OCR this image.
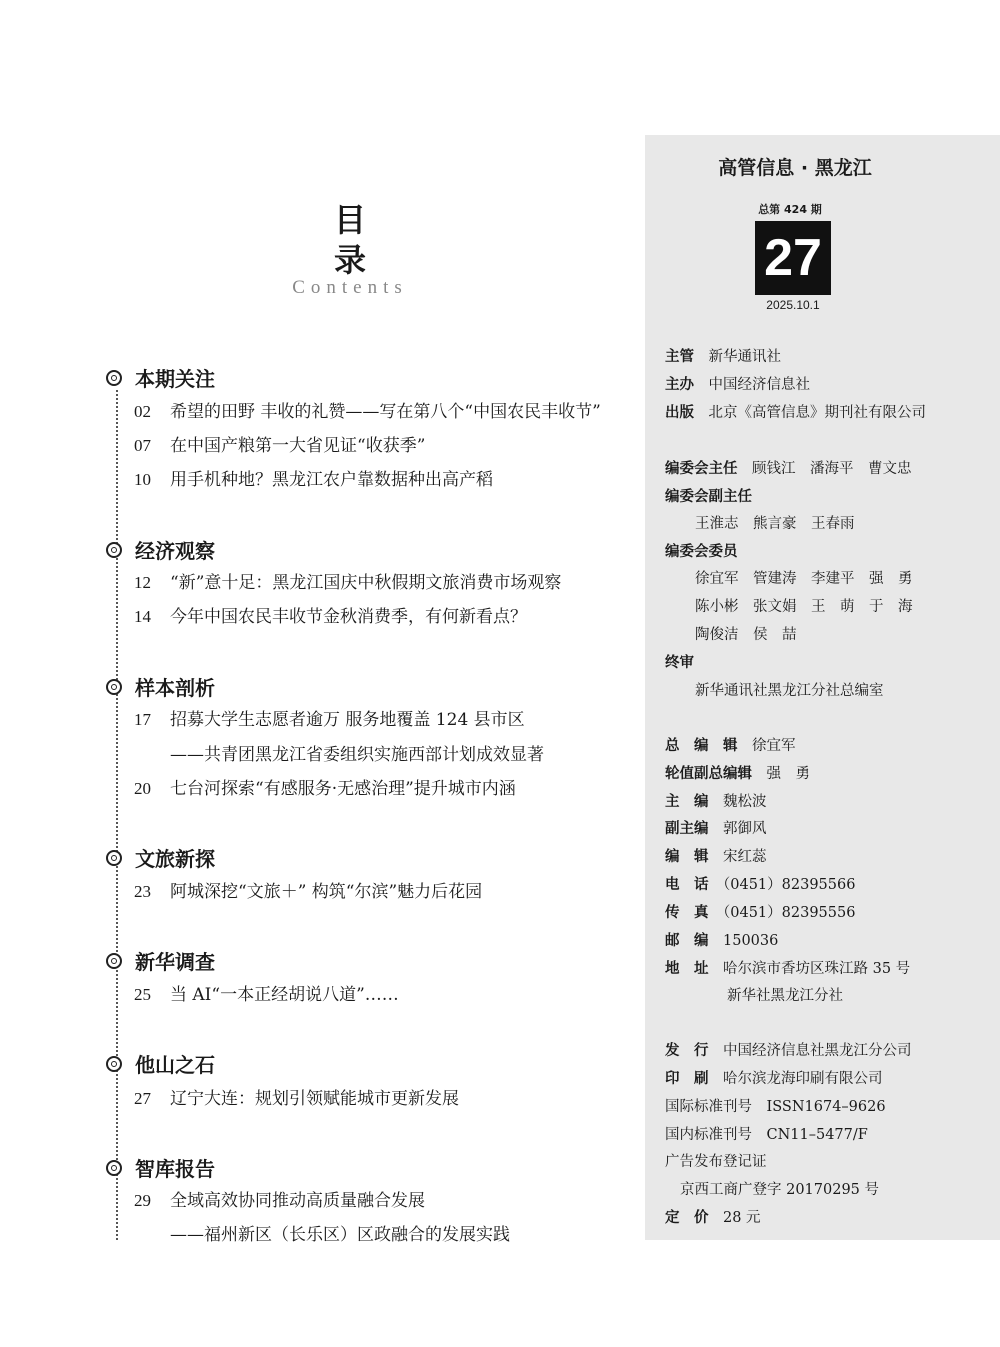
目 录
Contents
本期关注
02 希望的田野 丰收的礼赞——写在第八个“中国农民丰收节”
07 在中国产粮第一大省见证“收获季”
10 用手机种地？黑龙江农户靠数据种出高产稻
经济观察
12 “新”意十足：黑龙江国庆中秋假期文旅消费市场观察
14 今年中国农民丰收节金秋消费季，有何新看点？
样本剖析
17 招募大学生志愿者逾万 服务地覆盖 124 县市区
——共青团黑龙江省委组织实施西部计划成效显著
20 七台河探索“有感服务·无感治理”提升城市内涵
文旅新探
23 阿城深挖“文旅＋” 构筑“尔滨”魅力后花园
新华调查
25 当 AI“一本正经胡说八道”……
他山之石
27 辽宁大连：规划引领赋能城市更新发展
智库报告
29 全域高效协同推动高质量融合发展
——福州新区（长乐区）区政融合的发展实践
高管信息 · 黑龙江
总第 424 期
27
2025.10.1
主管　 新华通讯社
主办　 中国经济信息社
出版　 北京《高管信息》期刊社有限公司
编委会主任　 顾钱江　潘海平　曹文忠
编委会副主任
王淮志　熊言豪　王春雨
编委会委员
徐宜军　管建涛　李建平　强　勇
陈小彬　张文娟　王　萌　于　海
陶俊洁　侯　喆
终审
新华通讯社黑龙江分社总编室
总　编　辑　 徐宜军
轮值副总编辑　 强　勇
主　编　 魏松波
副主编　 郭御风
编　辑　 宋红蕊
电　话　 （0451）82395566
传　真　 （0451）82395556
邮　编　 150036
地　址　 哈尔滨市香坊区珠江路 35 号
新华社黑龙江分社
发　行　 中国经济信息社黑龙江分公司
印　刷　 哈尔滨龙海印刷有限公司
国际标准刊号　 ISSN1674–9626
国内标准刊号　 CN11–5477/F
广告发布登记证
京西工商广登字 20170295 号
定　价　 28 元
